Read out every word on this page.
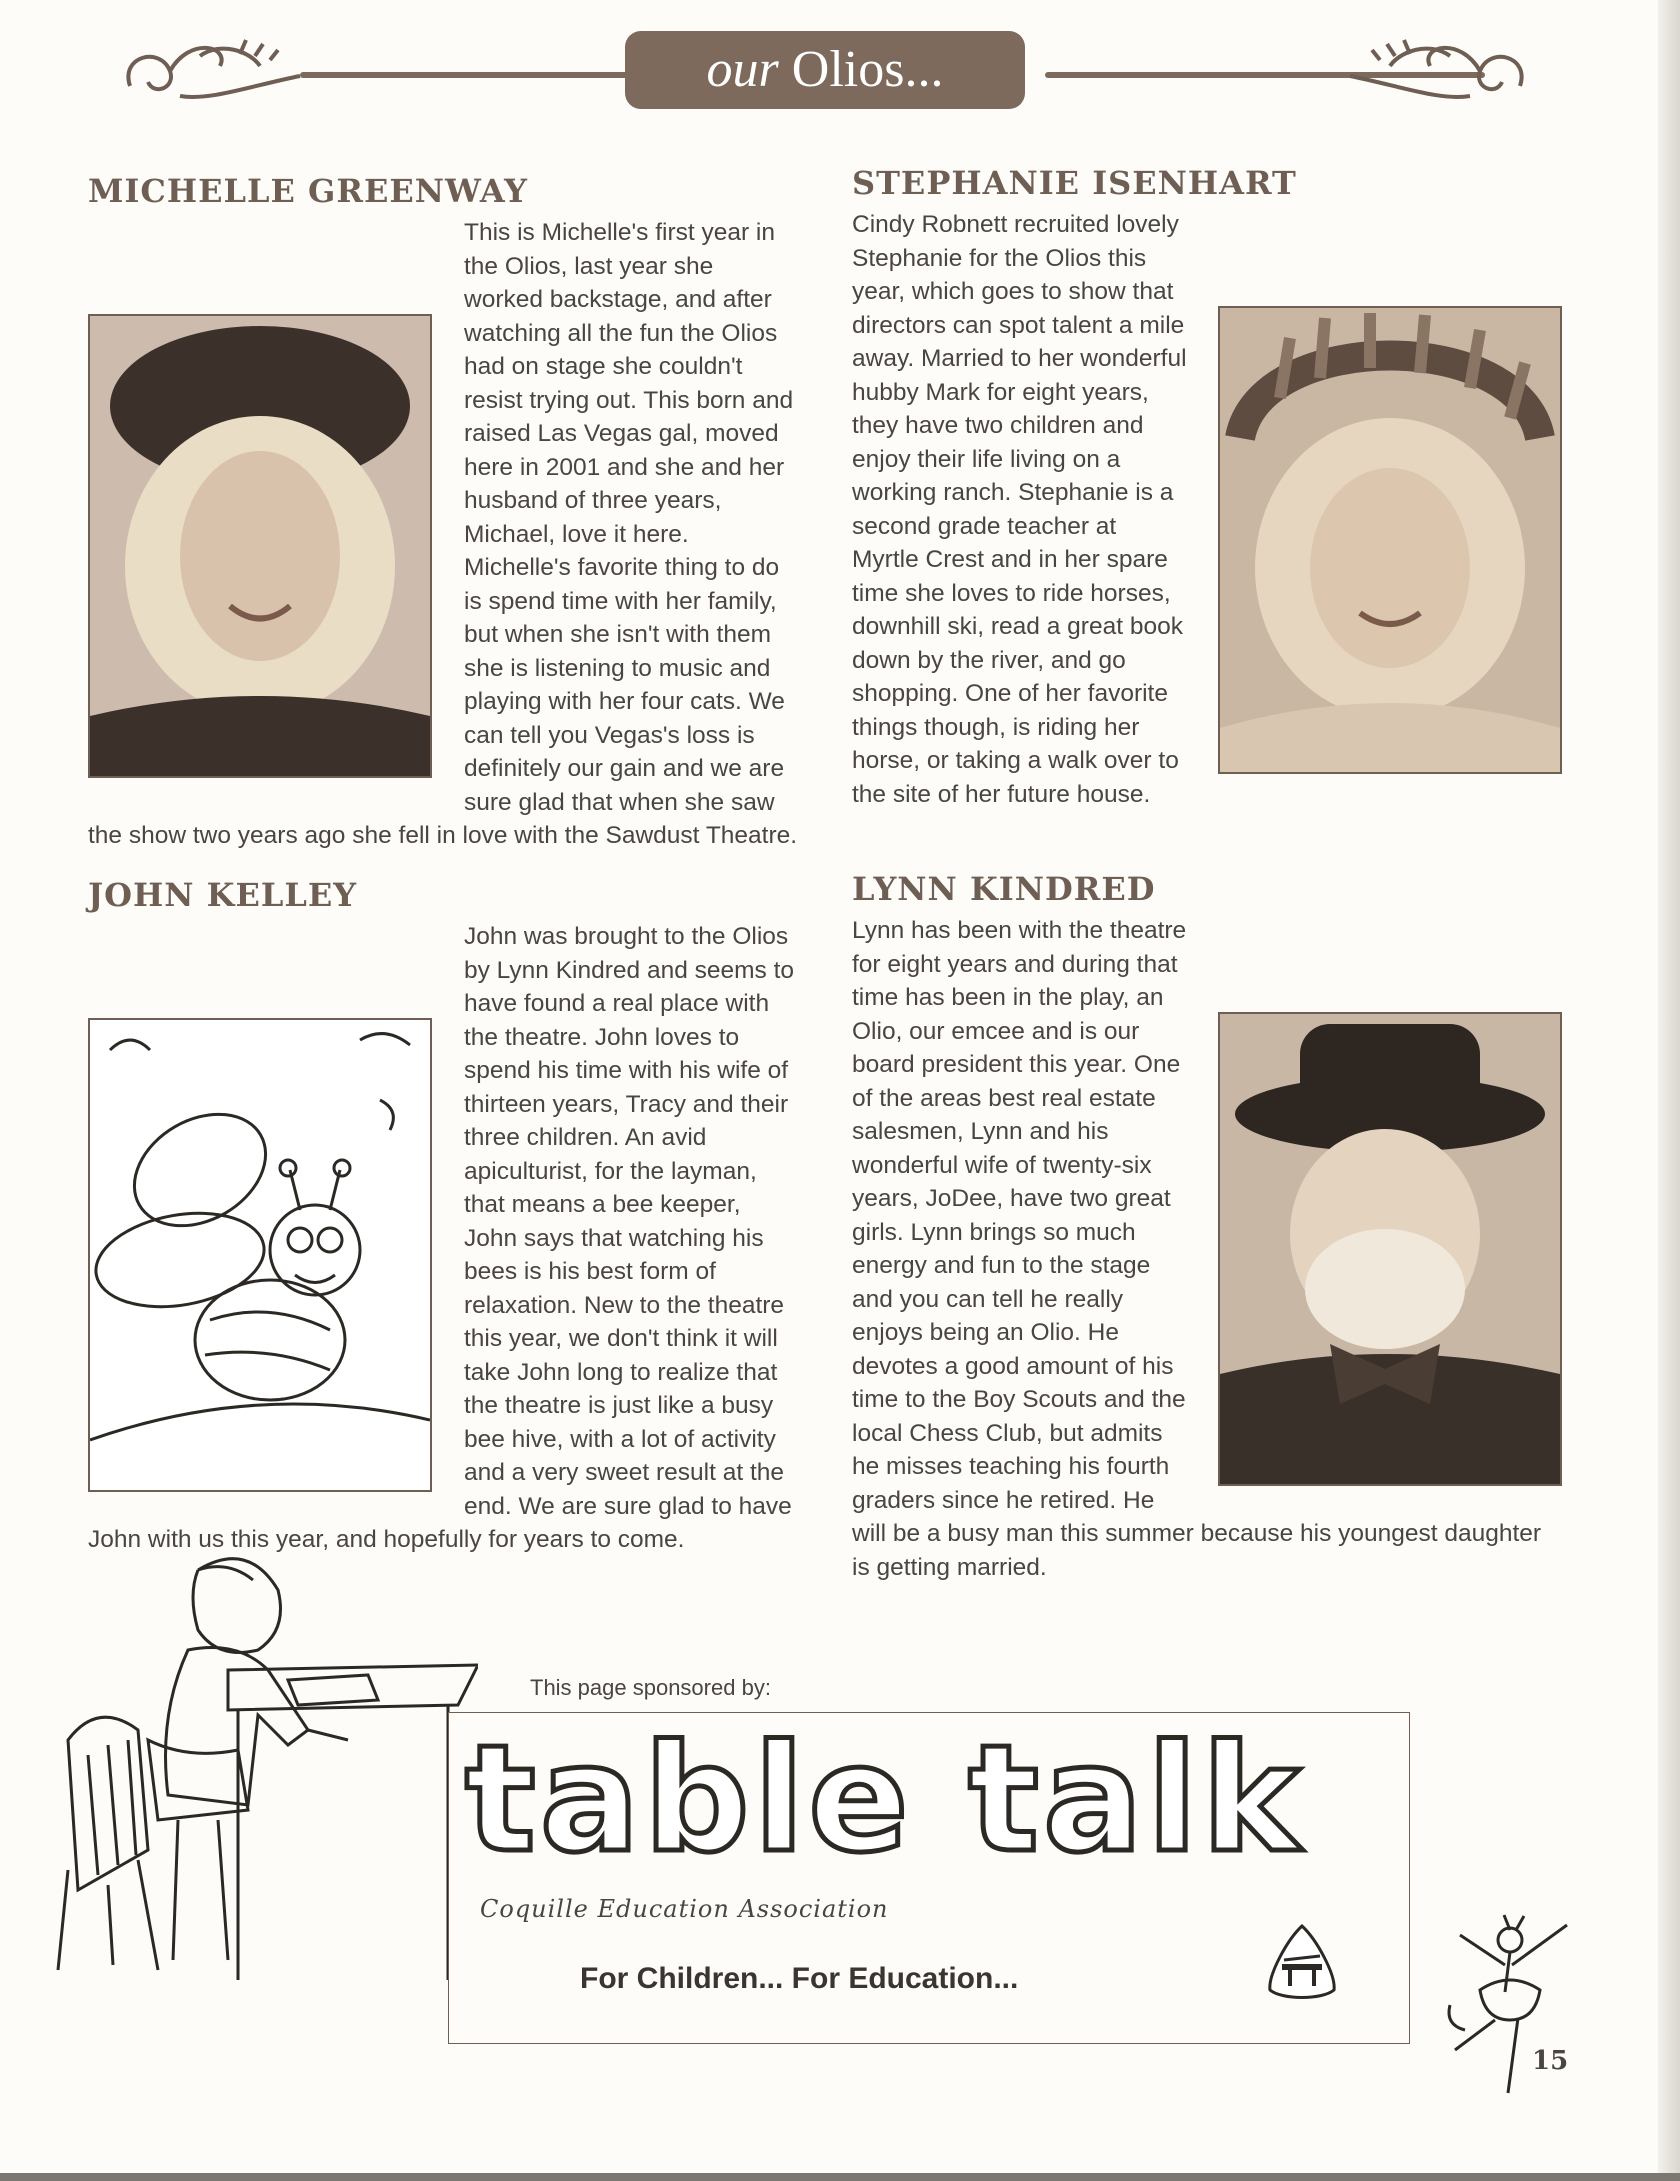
our Olios...
MICHELLE GREENWAY

This is Michelle's first year in the Olios, last year she worked backstage, and after watching all the fun the Olios had on stage she couldn't resist trying out. This born and raised Las Vegas gal, moved here in 2001 and she and her husband of three years, Michael, love it here. Michelle's favorite thing to do is spend time with her family, but when she isn't with them she is listening to music and playing with her four cats. We can tell you Vegas's loss is definitely our gain and we are sure glad that when she saw the show two years ago she fell in love with the Sawdust Theatre.

STEPHANIE ISENHART

Cindy Robnett recruited lovely Stephanie for the Olios this year, which goes to show that directors can spot talent a mile away. Married to her wonderful hubby Mark for eight years, they have two children and enjoy their life living on a working ranch. Stephanie is a second grade teacher at Myrtle Crest and in her spare time she loves to ride horses, downhill ski, read a great book down by the river, and go shopping. One of her favorite things though, is riding her horse, or taking a walk over to the site of her future house.

JOHN KELLEY

John was brought to the Olios by Lynn Kindred and seems to have found a real place with the theatre. John loves to spend his time with his wife of thirteen years, Tracy and their three children. An avid apiculturist, for the layman, that means a bee keeper, John says that watching his bees is his best form of relaxation. New to the theatre this year, we don't think it will take John long to realize that the theatre is just like a busy bee hive, with a lot of activity and a very sweet result at the end. We are sure glad to have John with us this year, and hopefully for years to come.

LYNN KINDRED

Lynn has been with the theatre for eight years and during that time has been in the play, an Olio, our emcee and is our board president this year. One of the areas best real estate salesmen, Lynn and his wonderful wife of twenty-six years, JoDee, have two great girls. Lynn brings so much energy and fun to the stage and you can tell he really enjoys being an Olio. He devotes a good amount of his time to the Boy Scouts and the local Chess Club, but admits he misses teaching his fourth graders since he retired. He will be a busy man this summer because his youngest daughter is getting married.

This page sponsored by:
table talk
Coquille Education Association
For Children... For Education...
15
